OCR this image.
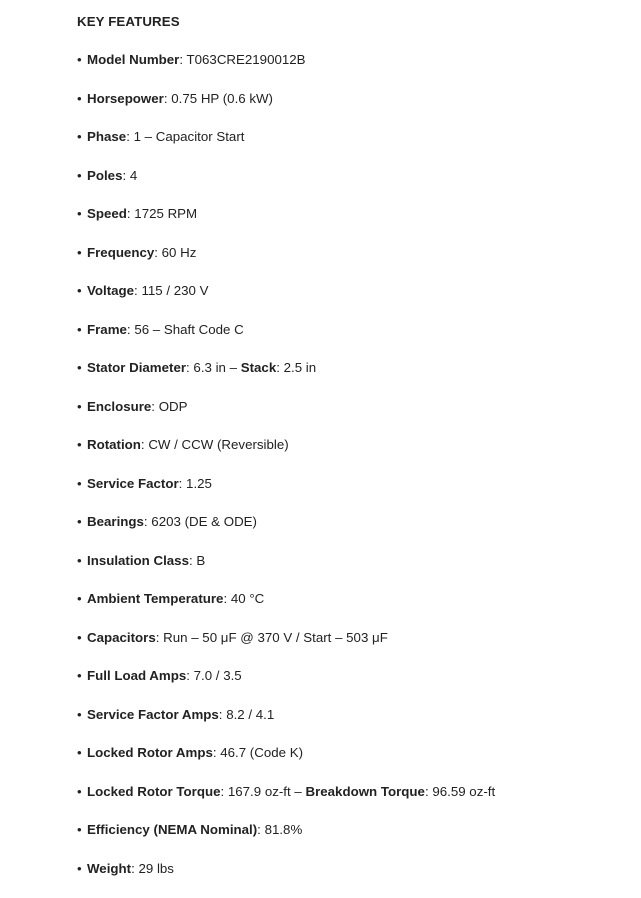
KEY FEATURES
• Model Number: T063CRE2190012B
• Horsepower: 0.75 HP (0.6 kW)
• Phase: 1 – Capacitor Start
• Poles: 4
• Speed: 1725 RPM
• Frequency: 60 Hz
• Voltage: 115 / 230 V
• Frame: 56 – Shaft Code C
• Stator Diameter: 6.3 in – Stack: 2.5 in
• Enclosure: ODP
• Rotation: CW / CCW (Reversible)
• Service Factor: 1.25
• Bearings: 6203 (DE & ODE)
• Insulation Class: B
• Ambient Temperature: 40 °C
• Capacitors: Run – 50 μF @ 370 V / Start – 503 μF
• Full Load Amps: 7.0 / 3.5
• Service Factor Amps: 8.2 / 4.1
• Locked Rotor Amps: 46.7 (Code K)
• Locked Rotor Torque: 167.9 oz-ft – Breakdown Torque: 96.59 oz-ft
• Efficiency (NEMA Nominal): 81.8%
• Weight: 29 lbs
